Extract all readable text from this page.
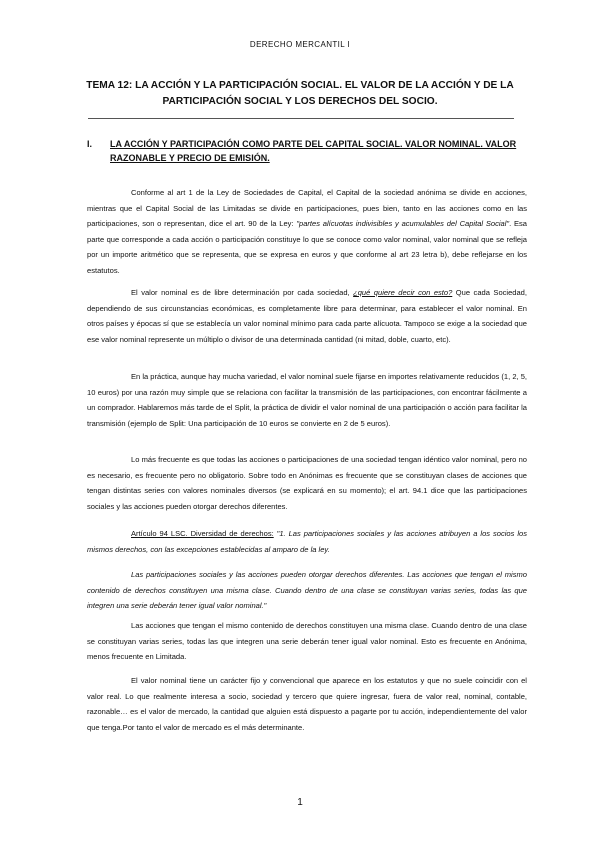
DERECHO MERCANTIL I
TEMA 12: LA ACCIÓN Y LA PARTICIPACIÓN SOCIAL. EL VALOR DE LA ACCIÓN Y DE LA PARTICIPACIÓN SOCIAL Y LOS DERECHOS DEL SOCIO.
I. LA ACCIÓN Y PARTICIPACIÓN COMO PARTE DEL CAPITAL SOCIAL. VALOR NOMINAL. VALOR RAZONABLE Y PRECIO DE EMISIÓN.

Conforme al art 1 de la Ley de Sociedades de Capital, el Capital de la sociedad anónima se divide en acciones, mientras que el Capital Social de las Limitadas se divide en participaciones, pues bien, tanto en las acciones como en las participaciones, son o representan, dice el art. 90 de la Ley: "partes alícuotas indivisibles y acumulables del Capital Social". Esa parte que corresponde a cada acción o participación constituye lo que se conoce como valor nominal, valor nominal que se refleja por un importe aritmético que se representa, que se expresa en euros y que conforme al art 23 letra b), debe reflejarse en los estatutos.

El valor nominal es de libre determinación por cada sociedad, ¿qué quiere decir con esto? Que cada Sociedad, dependiendo de sus circunstancias económicas, es completamente libre para determinar, para establecer el valor nominal. En otros países y épocas sí que se establecía un valor nominal mínimo para cada parte alícuota. Tampoco se exige a la sociedad que ese valor nominal represente un múltiplo o divisor de una determinada cantidad (ni mitad, doble, cuarto, etc).

En la práctica, aunque hay mucha variedad, el valor nominal suele fijarse en importes relativamente reducidos (1, 2, 5, 10 euros) por una razón muy simple que se relaciona con facilitar la transmisión de las participaciones, con encontrar fácilmente a un comprador. Hablaremos más tarde de el Split, la práctica de dividir el valor nominal de una participación o acción para facilitar la transmisión (ejemplo de Split: Una participación de 10 euros se convierte en 2 de 5 euros).

Lo más frecuente es que todas las acciones o participaciones de una sociedad tengan idéntico valor nominal, pero no es necesario, es frecuente pero no obligatorio. Sobre todo en Anónimas es frecuente que se constituyan clases de acciones que tengan distintas series con valores nominales diversos (se explicará en su momento); el art. 94.1 dice que las participaciones sociales y las acciones pueden otorgar derechos diferentes.

Artículo 94 LSC. Diversidad de derechos: "1. Las participaciones sociales y las acciones atribuyen a los socios los mismos derechos, con las excepciones establecidas al amparo de la ley.

Las participaciones sociales y las acciones pueden otorgar derechos diferentes. Las acciones que tengan el mismo contenido de derechos constituyen una misma clase. Cuando dentro de una clase se constituyan varias series, todas las que integren una serie deberán tener igual valor nominal."

Las acciones que tengan el mismo contenido de derechos constituyen una misma clase. Cuando dentro de una clase se constituyan varias series, todas las que integren una serie deberán tener igual valor nominal. Esto es frecuente en Anónima, menos frecuente en Limitada.

El valor nominal tiene un carácter fijo y convencional que aparece en los estatutos y que no suele coincidir con el valor real. Lo que realmente interesa a socio, sociedad y tercero que quiere ingresar, fuera de valor real, nominal, contable, razonable… es el valor de mercado, la cantidad que alguien está dispuesto a pagarte por tu acción, independientemente del valor que tenga.Por tanto el valor de mercado es el más determinante.

1
